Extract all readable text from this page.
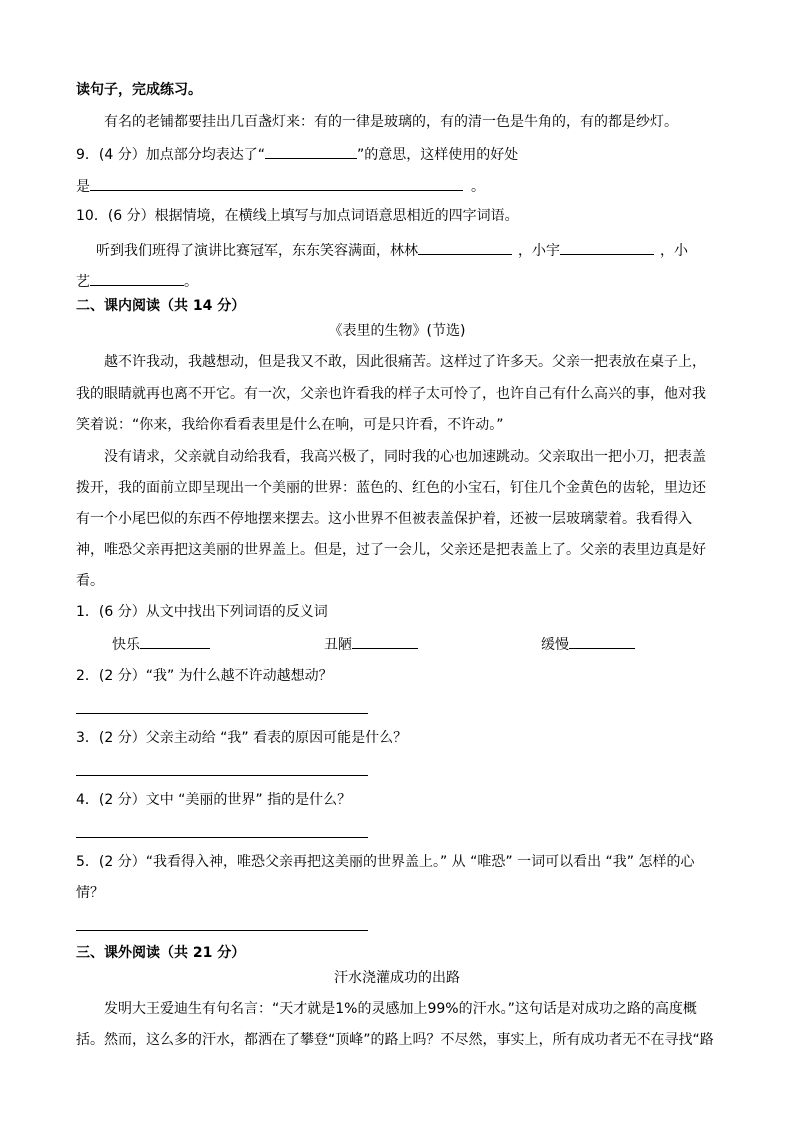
读句子，完成练习。
有名的老铺都要挂出几百盏灯来：有的一律是玻璃的，有的清一色是牛角的，有的都是纱灯。
9．(4 分）加点部分均表达了“	”的意思，这样使用的好处
是	。
10．(6 分）根据情境，在横线上填写与加点词语意思相近的四字词语。
听到我们班得了演讲比赛冠军，东东笑容满面，林林	，小宇	，小
艺	。
二、课内阅读（共 14 分）
《表里的生物》(节选)
越不许我动，我越想动，但是我又不敢，因此很痛苦。这样过了许多天。父亲一把表放在桌子上，
我的眼睛就再也离不开它。有一次，父亲也许看我的样子太可怜了，也许自己有什么高兴的事，他对我
笑着说：“你来，我给你看看表里是什么在响，可是只许看，不许动。”
没有请求，父亲就自动给我看，我高兴极了，同时我的心也加速跳动。父亲取出一把小刀，把表盖
拨开，我的面前立即呈现出一个美丽的世界：蓝色的、红色的小宝石，钉住几个金黄色的齿轮，里边还
有一个小尾巴似的东西不停地摆来摆去。这小世界不但被表盖保护着，还被一层玻璃蒙着。我看得入
神，唯恐父亲再把这美丽的世界盖上。但是，过了一会儿，父亲还是把表盖上了。父亲的表里边真是好
看。
1．(6 分）从文中找出下列词语的反义词
快乐	丑陋	缓慢
2．(2 分）“我” 为什么越不许动越想动？
3．(2 分）父亲主动给 “我” 看表的原因可能是什么？
4．(2 分）文中 “美丽的世界” 指的是什么？
5．(2 分）“我看得入神，唯恐父亲再把这美丽的世界盖上。” 从 “唯恐” 一词可以看出 “我” 怎样的心
情？
三、课外阅读（共 21 分）
汗水浇灌成功的出路
发明大王爱迪生有句名言：“天才就是1%的灵感加上99%的汗水。”这句话是对成功之路的高度概
括。然而，这么多的汗水，都洒在了攀登“顶峰”的路上吗？不尽然，事实上，所有成功者无不在寻找“路
